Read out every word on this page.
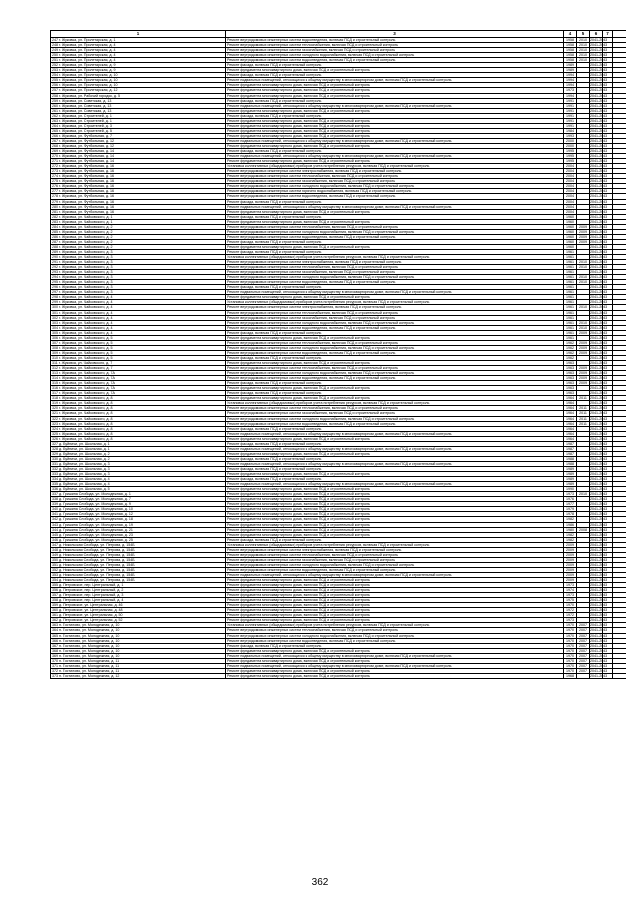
1	3	4	5	6	7
247 г. Жуковка, ул. Пролетарская, д. 1	Ремонт внутридомовых инженерных систем водоотведения, включая ПСД и строительный контроль	1958	2010 2041-2043
248 г. Жуковка, ул. Пролетарская, д. 4	Ремонт внутридомовых инженерных систем теплоснабжения, включая ПСД и строительный контроль	1958	2010 2041-2043
249 г. Жуковка, ул. Пролетарская, д. 4	Ремонт внутридомовых инженерных систем газоснабжения, включая ПСД и строительный контроль	1958	2010 2041-2043
250 г. Жуковка, ул. Пролетарская, д. 4	Ремонт внутридомовых инженерных систем холодного водоснабжения, включая ПСД и строительный контроль	1958	2010 2041-2043
251 г. Жуковка, ул. Пролетарская, д. 4	Ремонт внутридомовых инженерных систем водоотведения, включая ПСД и строительный контроль	1958	2010 2041-2043
252 г. Жуковка, ул. Пролетарская, д. 9	Ремонт фасада, включая ПСД и строительный контроль	1989	2041-2043
253 г. Жуковка, ул. Пролетарская, д. 9	Ремонт фундамента многоквартирного дома, включая ПСД и строительный контроль	1989	2041-2043
254 г. Жуковка, ул. Пролетарская, д. 10	Ремонт фасада, включая ПСД и строительный контроль	1994	2041-2043
255 г. Жуковка, ул. Пролетарская, д. 10	Ремонт подвальных помещений, относящихся к общему имуществу в многоквартирном доме, включая ПСД и строительный контроль	1994	2041-2043
256 г. Жуковка, ул. Пролетарская, д. 10	Ремонт фундамента многоквартирного дома, включая ПСД и строительный контроль	1994	2041-2043
257 г. Жуковка, ул. Пролетарская, д. 12	Ремонт фундамента многоквартирного дома, включая ПСД и строительный контроль	1973	2041-2043
258 г. Жуковка, ул. Рабочий городок, д. 5	Ремонт фундамента многоквартирного дома, включая ПСД и строительный контроль	1994	2041-2043
259 г. Жуковка, ул. Советская, д. 13	Ремонт фасада, включая ПСД и строительный контроль	1991	2041-2043
260 г. Жуковка, ул. Советская, д. 13	Ремонт подвальных помещений, относящихся к общему имуществу в многоквартирном доме, включая ПСД и строительный контроль	1991	2041-2043
261 г. Жуковка, ул. Советская, д. 13	Ремонт фундамента многоквартирного дома, включая ПСД и строительный контроль	1991	2041-2043
262 г. Жуковка, ул. Строителей, д. 1	Ремонт фасада, включая ПСД и строительный контроль	1991	2041-2043
263 г. Жуковка, ул. Строителей, д. 1	Ремонт фундамента многоквартирного дома, включая ПСД и строительный контроль	1991	2041-2043
264 г. Жуковка, ул. Строителей, д. 3	Ремонт фундамента многоквартирного дома, включая ПСД и строительный контроль	1991	2041-2043
265 г. Жуковка, ул. Строителей, д. 5	Ремонт фундамента многоквартирного дома, включая ПСД и строительный контроль	1984	2041-2043
266 г. Жуковка, ул. Футбольная, д. 7	Ремонт фундамента многоквартирного дома, включая ПСД и строительный контроль	1993	2041-2043
267 г. Жуковка, ул. Футбольная, д. 12	Ремонт подвальных помещений, относящихся к общему имуществу в многоквартирном доме, включая ПСД и строительный контроль	2000	2041-2043
268 г. Жуковка, ул. Футбольная, д. 12	Ремонт фундамента многоквартирного дома, включая ПСД и строительный контроль	2000	2041-2043
269 г. Жуковка, ул. Футбольная, д. 14	Ремонт фасада, включая ПСД и строительный контроль	1995	2041-2043
270 г. Жуковка, ул. Футбольная, д. 14	Ремонт подвальных помещений, относящихся к общему имуществу в многоквартирном доме, включая ПСД и строительный контроль	1995	2041-2043
271 г. Жуковка, ул. Футбольная, д. 14	Ремонт фундамента многоквартирного дома, включая ПСД и строительный контроль	1995	2041-2043
272 г. Жуковка, ул. Футбольная, д. 16	Установка коллективных (общедомовых) приборов учета потребления ресурсов, включая ПСД и строительный контроль	2004	2041-2043
273 г. Жуковка, ул. Футбольная, д. 16	Ремонт внутридомовых инженерных систем электроснабжения, включая ПСД и строительный контроль	2004	2041-2043
274 г. Жуковка, ул. Футбольная, д. 16	Ремонт внутридомовых инженерных систем теплоснабжения, включая ПСД и строительный контроль	2004	2041-2043
275 г. Жуковка, ул. Футбольная, д. 16	Ремонт внутридомовых инженерных систем газоснабжения, включая ПСД и строительный контроль	2004	2041-2043
276 г. Жуковка, ул. Футбольная, д. 16	Ремонт внутридомовых инженерных систем холодного водоснабжения, включая ПСД и строительный контроль	2004	2041-2043
277 г. Жуковка, ул. Футбольная, д. 16	Ремонт внутридомовых инженерных систем горячего водоснабжения, включая ПСД и строительный контроль	2004	2041-2043
278 г. Жуковка, ул. Футбольная, д. 16	Ремонт внутридомовых инженерных систем водоотведения, включая ПСД и строительный контроль	2004	2041-2043
279 г. Жуковка, ул. Футбольная, д. 16	Ремонт фасада, включая ПСД и строительный контроль	2004	2041-2043
280 г. Жуковка, ул. Футбольная, д. 16	Ремонт подвальных помещений, относящихся к общему имуществу в многоквартирном доме, включая ПСД и строительный контроль	2004	2041-2043
281 г. Жуковка, ул. Футбольная, д. 16	Ремонт фундамента многоквартирного дома, включая ПСД и строительный контроль	2004	2041-2043
282 г. Жуковка, ул. Чайковского, д. 1	Ремонт фасада, включая ПСД и строительный контроль	1960	2041-2043
283 г. Жуковка, ул. Чайковского, д. 1	Ремонт фундамента многоквартирного дома, включая ПСД и строительный контроль	1960	2041-2043
284 г. Жуковка, ул. Чайковского, д. 2	Ремонт внутридомовых инженерных систем теплоснабжения, включая ПСД и строительный контроль	1960	2009 2041-2043
285 г. Жуковка, ул. Чайковского, д. 2	Ремонт внутридомовых инженерных систем холодного водоснабжения, включая ПСД и строительный контроль	1960	2009 2041-2043
286 г. Жуковка, ул. Чайковского, д. 2	Ремонт внутридомовых инженерных систем водоотведения, включая ПСД и строительный контроль	1960	2009 2041-2043
287 г. Жуковка, ул. Чайковского, д. 2	Ремонт фасада, включая ПСД и строительный контроль	1960	2009 2041-2043
288 г. Жуковка, ул. Чайковского, д. 2	Ремонт фундамента многоквартирного дома, включая ПСД и строительный контроль	1960	2041-2043
289 г. Жуковка, ул. Чайковского, д. 3	Ремонт фасада, включая ПСД и строительный контроль	1961	2041-2043
290 г. Жуковка, ул. Чайковского, д. 3	Установка коллективных (общедомовых) приборов учета потребления ресурсов, включая ПСД и строительный контроль	1961	2041-2043
291 г. Жуковка, ул. Чайковского, д. 3	Ремонт внутридомовых инженерных систем электроснабжения, включая ПСД и строительный контроль	1961	2010 2041-2043
292 г. Жуковка, ул. Чайковского, д. 3	Ремонт внутридомовых инженерных систем теплоснабжения, включая ПСД и строительный контроль	1961	2010 2041-2043
293 г. Жуковка, ул. Чайковского, д. 3	Ремонт внутридомовых инженерных систем газоснабжения, включая ПСД и строительный контроль	1961	2041-2043
294 г. Жуковка, ул. Чайковского, д. 3	Ремонт внутридомовых инженерных систем холодного водоснабжения, включая ПСД и строительный контроль	1961	2010 2041-2043
295 г. Жуковка, ул. Чайковского, д. 3	Ремонт внутридомовых инженерных систем водоотведения, включая ПСД и строительный контроль	1961	2010 2041-2043
296 г. Жуковка, ул. Чайковского, д. 3	Ремонт фасада, включая ПСД и строительный контроль	1961	2041-2043
297 г. Жуковка, ул. Чайковского, д. 3	Ремонт подвальных помещений, относящихся к общему имуществу в многоквартирном доме, включая ПСД и строительный контроль	1961	2041-2043
298 г. Жуковка, ул. Чайковского, д. 4	Ремонт фундамента многоквартирного дома, включая ПСД и строительный контроль	1961	2041-2043
299 г. Жуковка, ул. Чайковского, д. 4	Установка коллективных (общедомовых) приборов учета потребления ресурсов, включая ПСД и строительный контроль	1961	2041-2043
300 г. Жуковка, ул. Чайковского, д. 4	Ремонт внутридомовых инженерных систем электроснабжения, включая ПСД и строительный контроль	1961	2010 2041-2043
301 г. Жуковка, ул. Чайковского, д. 4	Ремонт внутридомовых инженерных систем теплоснабжения, включая ПСД и строительный контроль	1961	2041-2043
302 г. Жуковка, ул. Чайковского, д. 4	Ремонт внутридомовых инженерных систем газоснабжения, включая ПСД и строительный контроль	1961	2041-2043
303 г. Жуковка, ул. Чайковского, д. 4	Ремонт внутридомовых инженерных систем холодного водоснабжения, включая ПСД и строительный контроль	1961	2010 2041-2043
304 г. Жуковка, ул. Чайковского, д. 4	Ремонт внутридомовых инженерных систем водоотведения, включая ПСД и строительный контроль	1961	2010 2041-2043
305 г. Жуковка, ул. Чайковского, д. 4	Ремонт фасада, включая ПСД и строительный контроль	1961	2009 2041-2043
306 г. Жуковка, ул. Чайковского, д. 5	Ремонт фундамента многоквартирного дома, включая ПСД и строительный контроль	1961	2041-2043
307 г. Жуковка, ул. Чайковского, д. 5	Ремонт внутридомовых инженерных систем теплоснабжения, включая ПСД и строительный контроль	1962	2009 2041-2043
308 г. Жуковка, ул. Чайковского, д. 5	Ремонт внутридомовых инженерных систем холодного водоснабжения, включая ПСД и строительный контроль	1962	2009 2041-2043
309 г. Жуковка, ул. Чайковского, д. 5	Ремонт внутридомовых инженерных систем водоотведения, включая ПСД и строительный контроль	1962	2009 2041-2043
310 г. Жуковка, ул. Чайковского, д. 5	Ремонт фасада, включая ПСД и строительный контроль	1962	2041-2043
311 г. Жуковка, ул. Чайковского, д. 7	Ремонт фундамента многоквартирного дома, включая ПСД и строительный контроль	1963	2041-2043
312 г. Жуковка, ул. Чайковского, д. 7	Ремонт внутридомовых инженерных систем теплоснабжения, включая ПСД и строительный контроль	1963	2009 2041-2043
313 г. Жуковка, ул. Чайковского, д. 7А	Ремонт внутридомовых инженерных систем холодного водоснабжения, включая ПСД и строительный контроль	1963	2009 2041-2043
314 г. Жуковка, ул. Чайковского, д. 7А	Ремонт внутридомовых инженерных систем водоотведения, включая ПСД и строительный контроль	1963	2009 2041-2043
315 г. Жуковка, ул. Чайковского, д. 7А	Ремонт фасада, включая ПСД и строительный контроль	1963	2009 2041-2043
316 г. Жуковка, ул. Чайковского, д. 7А	Ремонт фундамента многоквартирного дома, включая ПСД и строительный контроль	1963	2041-2043
317 г. Жуковка, ул. Чайковского, д. 7А	Ремонт фасада, включая ПСД и строительный контроль	1963	2041-2043
318 г. Жуковка, ул. Чайковского, д. 8	Ремонт фундамента многоквартирного дома, включая ПСД и строительный контроль	1964	2011 2041-2043
319 г. Жуковка, ул. Чайковского, д. 8	Установка коллективных (общедомовых) приборов учета потребления ресурсов, включая ПСД и строительный контроль	1964	2041-2043
320 г. Жуковка, ул. Чайковского, д. 8	Ремонт внутридомовых инженерных систем теплоснабжения, включая ПСД и строительный контроль	1964	2011 2041-2043
321 г. Жуковка, ул. Чайковского, д. 8	Ремонт внутридомовых инженерных систем газоснабжения, включая ПСД и строительный контроль	1964	2011 2041-2043
322 г. Жуковка, ул. Чайковского, д. 8	Ремонт внутридомовых инженерных систем холодного водоснабжения, включая ПСД и строительный контроль	1964	2011 2041-2043
323 г. Жуковка, ул. Чайковского, д. 8	Ремонт внутридомовых инженерных систем водоотведения, включая ПСД и строительный контроль	1964	2011 2041-2043
324 г. Жуковка, ул. Чайковского, д. 8	Ремонт фасада, включая ПСД и строительный контроль	1964	2041-2043
325 г. Жуковка, ул. Чайковского, д. 8	Ремонт подвальных помещений, относящихся к общему имуществу в многоквартирном доме, включая ПСД и строительный контроль	1964	2041-2043
326 г. Жуковка, ул. Чайковского, д. 8	Ремонт фундамента многоквартирного дома, включая ПСД и строительный контроль	1964	2041-2043
327 д. Буйничи, ул. Школьная, д. 1	Ремонт фасада, включая ПСД и строительный контроль	1987	2041-2043
328 д. Буйничи, ул. Школьная, д. 1	Ремонт подвальных помещений, относящихся к общему имуществу в многоквартирном доме, включая ПСД и строительный контроль	1987	2041-2043
329 д. Буйничи, ул. Школьная, д. 2	Ремонт фундамента многоквартирного дома, включая ПСД и строительный контроль	1987	2041-2043
330 д. Буйничи, ул. Школьная, д. 2	Ремонт фасада, включая ПСД и строительный контроль	1988	2041-2043
331 д. Буйничи, ул. Школьная, д. 3	Ремонт подвальных помещений, относящихся к общему имуществу в многоквартирном доме, включая ПСД и строительный контроль	1988	2041-2043
332 д. Буйничи, ул. Школьная, д. 3	Ремонт фасада, включая ПСД и строительный контроль	1989	2041-2043
333 д. Буйничи, ул. Школьная, д. 3	Ремонт фундамента многоквартирного дома, включая ПСД и строительный контроль	1989	2041-2043
334 д. Буйничи, ул. Школьная, д. 4	Ремонт фасада, включая ПСД и строительный контроль	1989	2041-2043
335 д. Буйничи, ул. Школьная, д. 4	Ремонт подвальных помещений, относящихся к общему имуществу в многоквартирном доме, включая ПСД и строительный контроль	1989	2041-2043
336 д. Буйничи, ул. Школьная, д. 5	Ремонт фундамента многоквартирного дома, включая ПСД и строительный контроль	1990	2041-2043
337 д. Гришина Слобода, ул. Молодежная, д. 1	Ремонт фундамента многоквартирного дома, включая ПСД и строительный контроль	1973	2010 2041-2043
338 д. Гришина Слобода, ул. Молодежная, д. 7	Ремонт фундамента многоквартирного дома, включая ПСД и строительный контроль	1976	2041-2043
339 д. Гришина Слобода, ул. Молодежная, д. 9	Ремонт фундамента многоквартирного дома, включая ПСД и строительный контроль	1977	2041-2043
340 д. Гришина Слобода, ул. Молодежная, д. 10	Ремонт фундамента многоквартирного дома, включая ПСД и строительный контроль	1979	2041-2043
341 д. Гришина Слобода, ул. Молодежная, д. 12	Ремонт фундамента многоквартирного дома, включая ПСД и строительный контроль	1978	2041-2043
342 д. Гришина Слобода, ул. Молодежная, д. 18	Ремонт фундамента многоквартирного дома, включая ПСД и строительный контроль	1982	2041-2043
343 д. Гришина Слобода, ул. Молодежная, д. 19	Ремонт фундамента многоквартирного дома, включая ПСД и строительный контроль	1986	2041-2043
344 д. Гришина Слобода, ул. Молодежная, д. 21	Ремонт фундамента многоквартирного дома, включая ПСД и строительный контроль	1980	2008 2041-2043
345 д. Гришина Слобода, ул. Молодежная, д. 23	Ремонт фундамента многоквартирного дома, включая ПСД и строительный контроль	1982	2041-2043
346 д. Гришина Слобода, ул. Молодежная, д. 25	Ремонт фасада, включая ПСД и строительный контроль	1982	2041-2043
347 д. Никольская Слобода, ул. Петрова, д. 154Б	Установка коллективных (общедомовых) приборов учета потребления ресурсов, включая ПСД и строительный контроль	2009	2041-2043
348 д. Никольская Слобода, ул. Петрова, д. 154Б	Ремонт внутридомовых инженерных систем электроснабжения, включая ПСД и строительный контроль	2009	2041-2043
349 д. Никольская Слобода, ул. Петрова, д. 154Б	Ремонт внутридомовых инженерных систем теплоснабжения, включая ПСД и строительный контроль	2009	2041-2043
350 д. Никольская Слобода, ул. Петрова, д. 154Б	Ремонт внутридомовых инженерных систем газоснабжения, включая ПСД и строительный контроль	2009	2041-2043
351 д. Никольская Слобода, ул. Петрова, д. 154Б	Ремонт внутридомовых инженерных систем холодного водоснабжения, включая ПСД и строительный контроль	2009	2041-2043
352 д. Никольская Слобода, ул. Петрова, д. 154Б	Ремонт внутридомовых инженерных систем водоотведения, включая ПСД и строительный контроль	2009	2041-2043
353 д. Никольская Слобода, ул. Петрова, д. 154Б	Ремонт подвальных помещений, относящихся к общему имуществу в многоквартирном доме, включая ПСД и строительный контроль	2009	2041-2043
354 д. Никольская Слобода, ул. Петрова, д. 154Б	Ремонт фундамента многоквартирного дома, включая ПСД и строительный контроль	2009	2041-2043
355 д. Петровское, пер. Центральный, д. 1	Ремонт фундамента многоквартирного дома, включая ПСД и строительный контроль	1973	2041-2043
356 д. Петровское, пер. Центральный, д. 2	Ремонт фундамента многоквартирного дома, включая ПСД и строительный контроль	1974	2041-2043
357 д. Петровское, пер. Центральный, д. 3	Ремонт фундамента многоквартирного дома, включая ПСД и строительный контроль	1973	2041-2043
358 д. Петровское, пер. Центральный, д. 4	Ремонт фундамента многоквартирного дома, включая ПСД и строительный контроль	1975	2041-2043
359 д. Петровское, ул. Центральная, д. 46	Ремонт фундамента многоквартирного дома, включая ПСД и строительный контроль	1970	2041-2043
360 д. Петровское, ул. Центральная, д. 48	Ремонт фундамента многоквартирного дома, включая ПСД и строительный контроль	1972	2041-2043
361 д. Петровское, ул. Центральная, д. 50	Ремонт фундамента многоквартирного дома, включая ПСД и строительный контроль	1972	2041-2043
362 д. Петровское, ул. Центральная, д. 52	Ремонт фундамента многоквартирного дома, включая ПСД и строительный контроль	1973	2041-2043
363 п. Гостилово, ул. Молодежная, д. 10	Установка коллективных (общедомовых) приборов учета потребления ресурсов, включая ПСД и строительный контроль	1970	2007 2041-2043
364 п. Гостилово, ул. Молодежная, д. 10	Ремонт внутридомовых инженерных систем теплоснабжения, включая ПСД и строительный контроль	1970	2007 2041-2043
365 п. Гостилово, ул. Молодежная, д. 10	Ремонт внутридомовых инженерных систем холодного водоснабжения, включая ПСД и строительный контроль	1970	2007 2041-2043
366 п. Гостилово, ул. Молодежная, д. 10	Ремонт внутридомовых инженерных систем водоотведения, включая ПСД и строительный контроль	1970	2007 2041-2043
367 п. Гостилово, ул. Молодежная, д. 10	Ремонт фасада, включая ПСД и строительный контроль	1970	2007 2041-2043
368 п. Гостилово, ул. Молодежная, д. 10	Ремонт фундамента многоквартирного дома, включая ПСД и строительный контроль	1970	2007 2041-2043
369 п. Гостилово, ул. Молодежная, д. 10	Ремонт подвальных помещений, относящихся к общему имуществу в многоквартирном доме, включая ПСД и строительный контроль	1970	2007 2041-2043
370 п. Гостилово, ул. Молодежная, д. 11	Ремонт фундамента многоквартирного дома, включая ПСД и строительный контроль	1970	2007 2041-2043
371 п. Гостилово, ул. Молодежная, д. 11	Ремонт подвальных помещений, относящихся к общему имуществу в многоквартирном доме, включая ПСД и строительный контроль	1970	2007 2041-2043
372 п. Гостилово, ул. Молодежная, д. 11	Ремонт фундамента многоквартирного дома, включая ПСД и строительный контроль	1970	2007 2041-2043
373 п. Гостилово, ул. Молодежная, д. 12	Ремонт фундамента многоквартирного дома, включая ПСД и строительный контроль	1968	2041-2043
362
